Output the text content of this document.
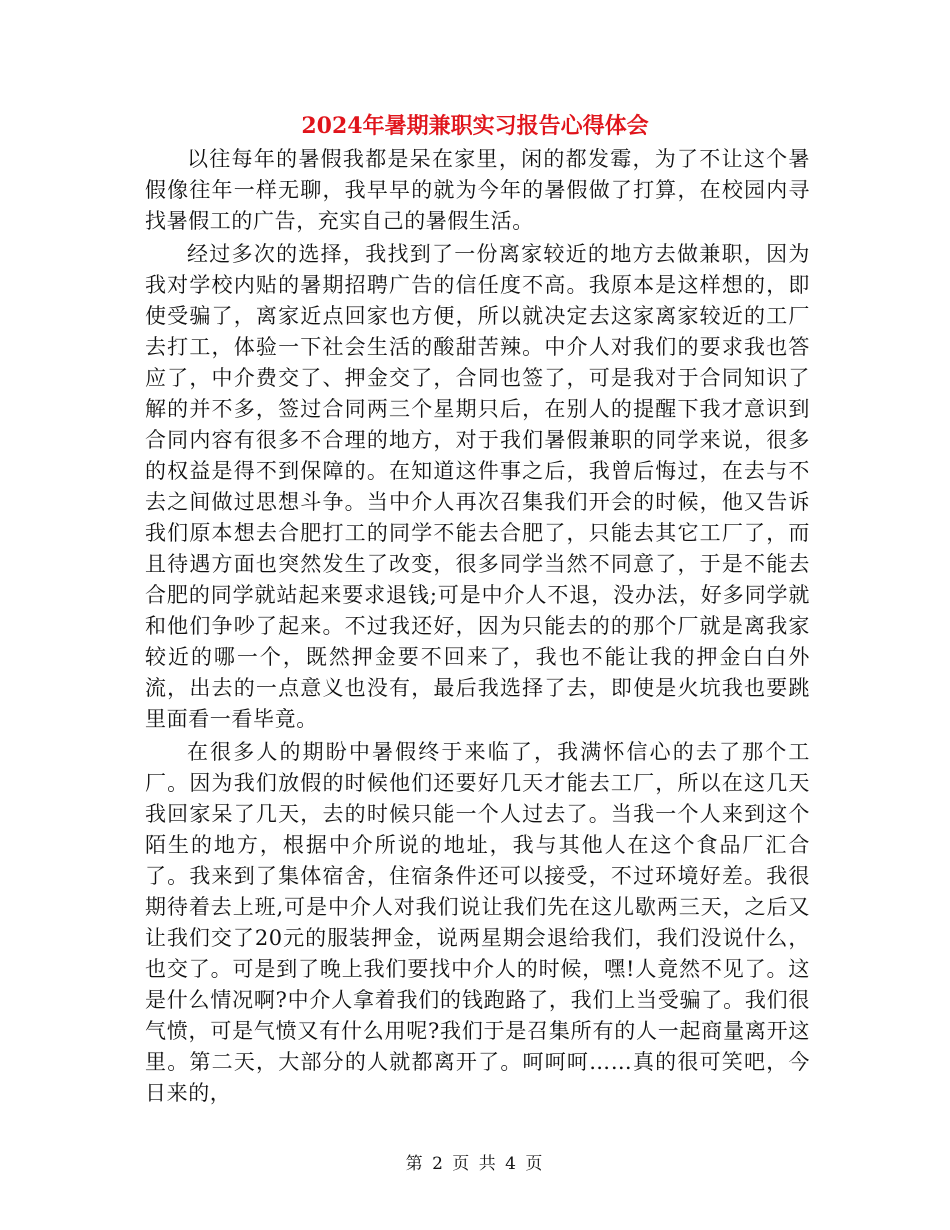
2024年暑期兼职实习报告心得体会

以往每年的暑假我都是呆在家里，闲的都发霉，为了不让这个暑假像往年一样无聊，我早早的就为今年的暑假做了打算，在校园内寻找暑假工的广告，充实自己的暑假生活。

经过多次的选择，我找到了一份离家较近的地方去做兼职，因为我对学校内贴的暑期招聘广告的信任度不高。我原本是这样想的，即使受骗了，离家近点回家也方便，所以就决定去这家离家较近的工厂去打工，体验一下社会生活的酸甜苦辣。中介人对我们的要求我也答应了，中介费交了、押金交了，合同也签了，可是我对于合同知识了解的并不多，签过合同两三个星期只后，在别人的提醒下我才意识到合同内容有很多不合理的地方，对于我们暑假兼职的同学来说，很多的权益是得不到保障的。在知道这件事之后，我曾后悔过，在去与不去之间做过思想斗争。当中介人再次召集我们开会的时候，他又告诉我们原本想去合肥打工的同学不能去合肥了，只能去其它工厂了，而且待遇方面也突然发生了改变，很多同学当然不同意了，于是不能去合肥的同学就站起来要求退钱;可是中介人不退，没办法，好多同学就和他们争吵了起来。不过我还好，因为只能去的的那个厂就是离我家较近的哪一个，既然押金要不回来了，我也不能让我的押金白白外流，出去的一点意义也没有，最后我选择了去，即使是火坑我也要跳里面看一看毕竟。

在很多人的期盼中暑假终于来临了，我满怀信心的去了那个工厂。因为我们放假的时候他们还要好几天才能去工厂，所以在这几天我回家呆了几天，去的时候只能一个人过去了。当我一个人来到这个陌生的地方，根据中介所说的地址，我与其他人在这个食品厂汇合了。我来到了集体宿舍，住宿条件还可以接受，不过环境好差。我很期待着去上班,可是中介人对我们说让我们先在这儿歇两三天，之后又让我们交了20元的服装押金，说两星期会退给我们，我们没说什么，也交了。可是到了晚上我们要找中介人的时候，嘿!人竟然不见了。这是什么情况啊?中介人拿着我们的钱跑路了，我们上当受骗了。我们很气愤，可是气愤又有什么用呢?我们于是召集所有的人一起商量离开这里。第二天，大部分的人就都离开了。呵呵呵……真的很可笑吧，今日来的，

第 2 页 共 4 页
